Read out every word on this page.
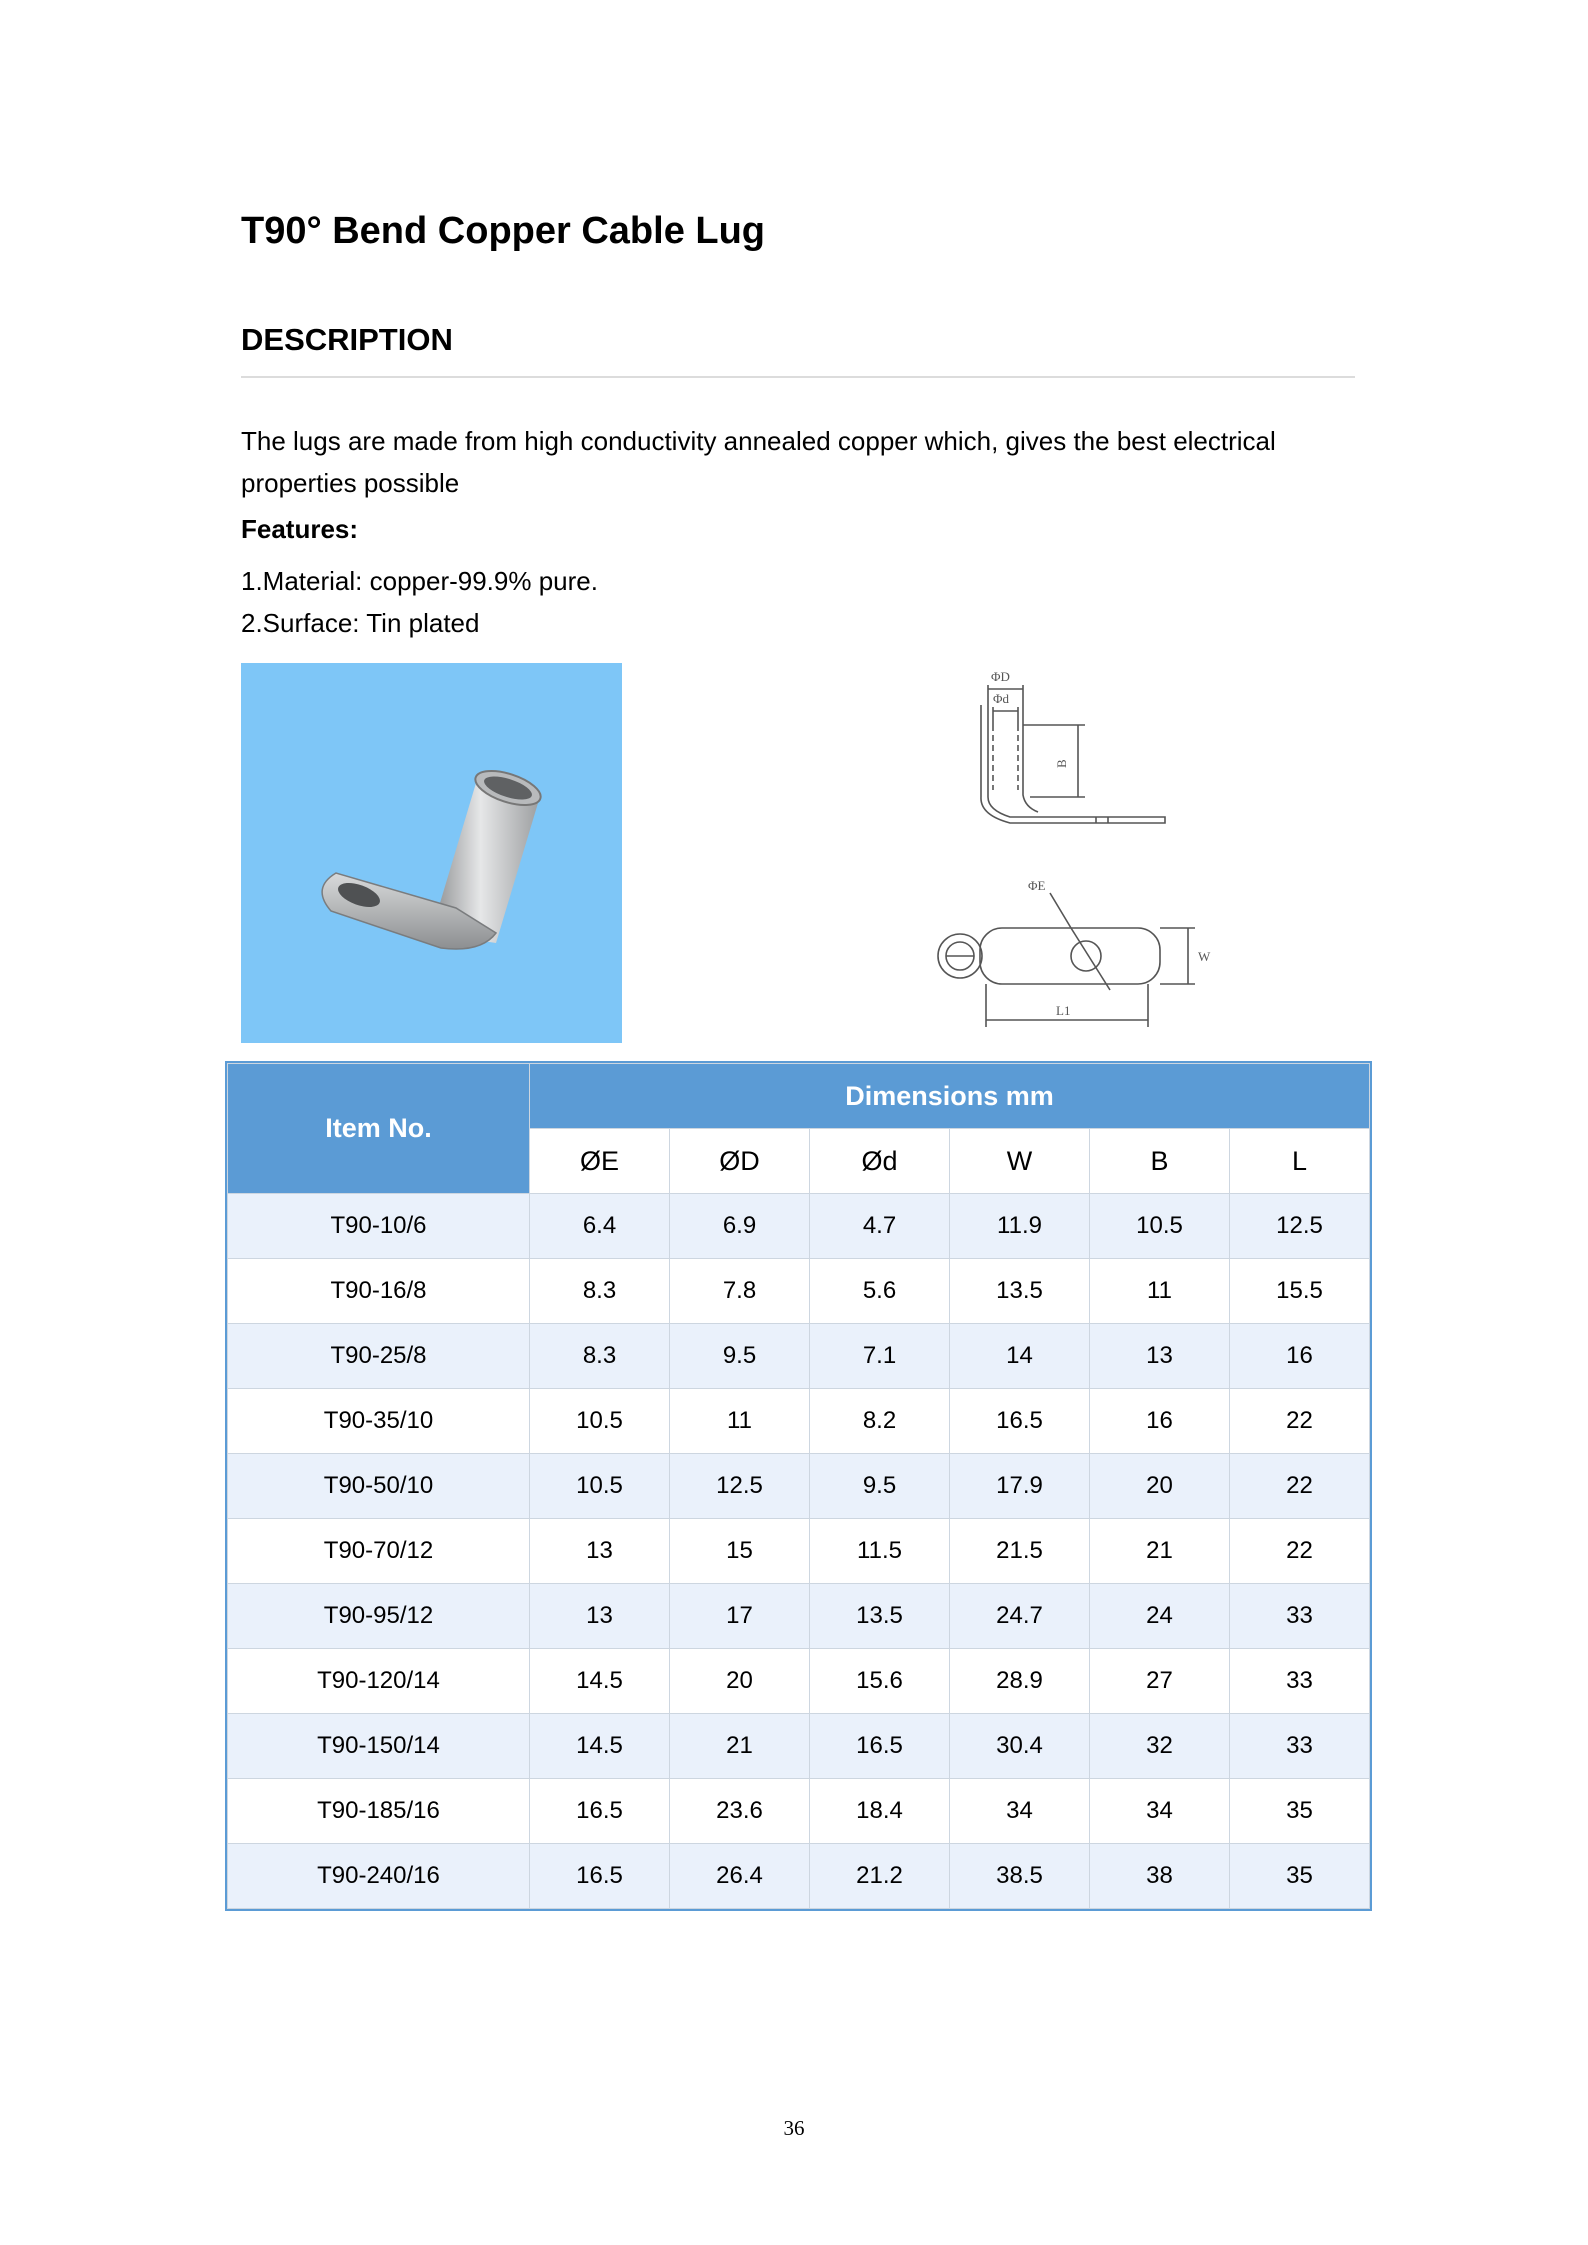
T90° Bend Copper Cable Lug
DESCRIPTION

The lugs are made from high conductivity annealed copper which, gives the best electrical properties possible

Features:

1.Material: copper-99.9% pure.

2.Surface: Tin plated

ΦD
Φd
B
ΦE
W
L1
Item No.	Dimensions mm					
	ØE	ØD	Ød	W	B	L
T90-10/6	6.4	6.9	4.7	11.9	10.5	12.5
T90-16/8	8.3	7.8	5.6	13.5	11	15.5
T90-25/8	8.3	9.5	7.1	14	13	16
T90-35/10	10.5	11	8.2	16.5	16	22
T90-50/10	10.5	12.5	9.5	17.9	20	22
T90-70/12	13	15	11.5	21.5	21	22
T90-95/12	13	17	13.5	24.7	24	33
T90-120/14	14.5	20	15.6	28.9	27	33
T90-150/14	14.5	21	16.5	30.4	32	33
T90-185/16	16.5	23.6	18.4	34	34	35
T90-240/16	16.5	26.4	21.2	38.5	38	35

36
